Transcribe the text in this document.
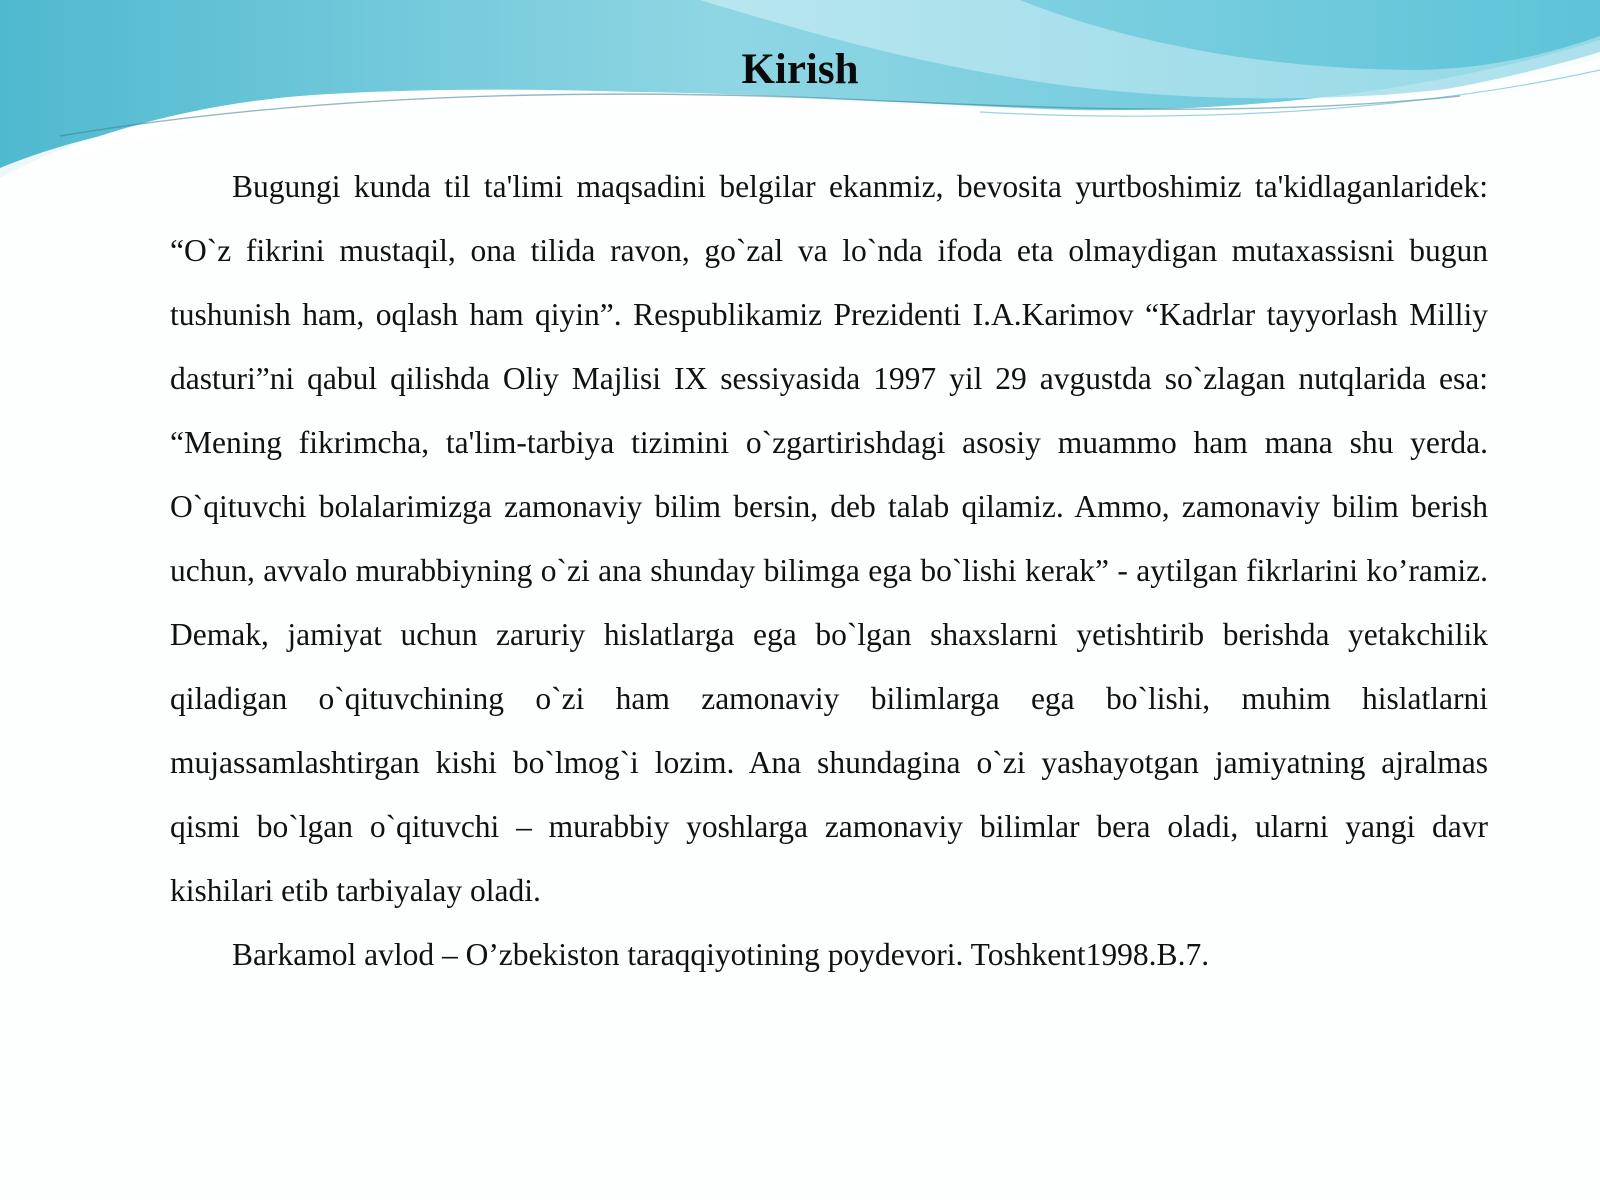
Kirish

Bugungi kunda til ta'limi maqsadini belgilar ekanmiz, bevosita yurtboshimiz ta'kidlaganlaridek: “O`z fikrini mustaqil, ona tilida ravon, go`zal va lo`nda ifoda eta olmaydigan mutaxassisni bugun tushunish ham, oqlash ham qiyin”. Respublikamiz Prezidenti I.A.Karimov “Kadrlar tayyorlash Milliy dasturi”ni qabul qilishda Oliy Majlisi IX sessiyasida 1997 yil 29 avgustda so`zlagan nutqlarida esa: “Mening fikrimcha, ta'lim-tarbiya tizimini o`zgartirishdagi asosiy muammo ham mana shu yerda. O`qituvchi bolalarimizga zamonaviy bilim bersin, deb talab qilamiz. Ammo, zamonaviy bilim berish uchun, avvalo murabbiyning o`zi ana shunday bilimga ega bo`lishi kerak” - aytilgan fikrlarini ko’ramiz. Demak, jamiyat uchun zaruriy hislatlarga ega bo`lgan shaxslarni yetishtirib berishda yetakchilik qiladigan o`qituvchining o`zi ham zamonaviy bilimlarga ega bo`lishi, muhim hislatlarni mujassamlashtirgan kishi bo`lmog`i lozim. Ana shundagina o`zi yashayotgan jamiyatning ajralmas qismi bo`lgan o`qituvchi – murabbiy yoshlarga zamonaviy bilimlar bera oladi, ularni yangi davr kishilari etib tarbiyalay oladi.

Barkamol avlod – O’zbekiston taraqqiyotining poydevori. Toshkent1998.B.7.
